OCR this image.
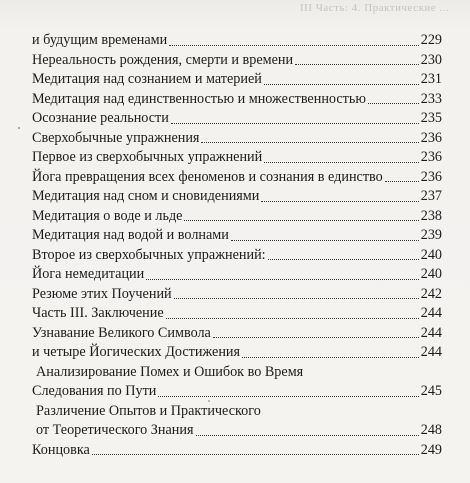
III Часть: 4. Практические ...
и будущим временами	229
Нереальность рождения, смерти и времени	230
Медитация над сознанием и материей	231
Медитация над единственностью и множественностью	233
Осознание реальности	235
Сверхобычные упражнения	236
Первое из сверхобычных упражнений	236
Йога превращения всех феноменов и сознания в единство	236
Медитация над сном и сновидениями	237
Медитация о воде и льде	238
Медитация над водой и волнами	239
Второе из сверхобычных упражнений:	240
Йога немедитации	240
Резюме этих Поучений	242
Часть III. Заключение	244
Узнавание Великого Символа	244
и четыре Йогических Достижения	244
Анализирование Помех и Ошибок во Время
Следования по Пути	245
Различение Опытов и Практического
от Теоретического Знания	248
Концовка	249
